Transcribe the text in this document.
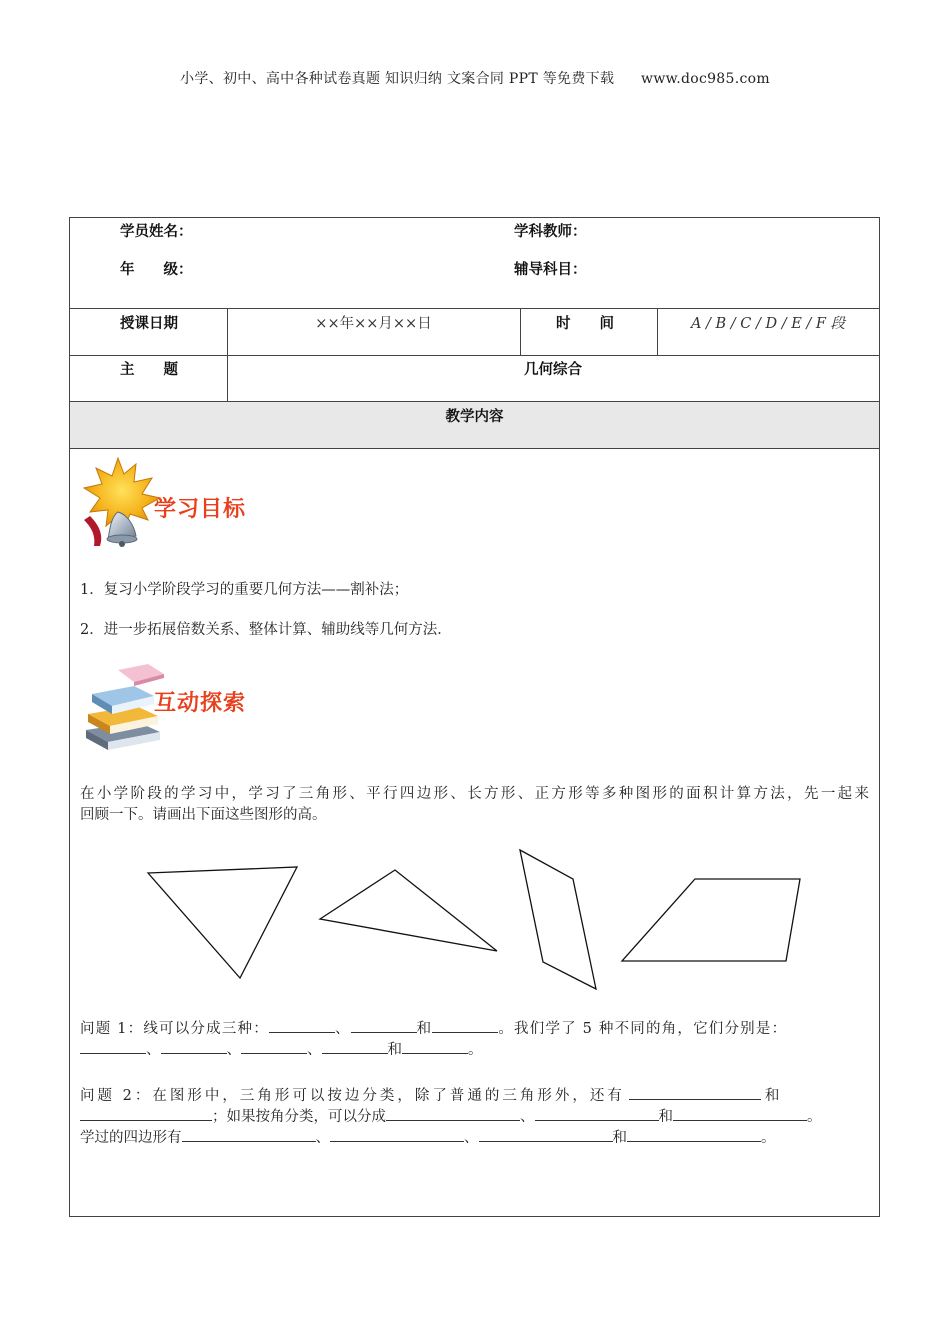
小学、初中、高中各种试卷真题 知识归纳 文案合同 PPT 等免费下载 www.doc985.com
学员姓名：	学科教师：
年　　级：	辅导科目：
授课日期	××年××月××日	时　　间	A / B / C / D / E / F 段
主　　题	几何综合
教学内容
学习目标
1．复习小学阶段学习的重要几何方法——割补法；
2．进一步拓展倍数关系、整体计算、辅助线等几何方法．
互动探索
在小学阶段的学习中，学习了三角形、平行四边形、长方形、正方形等多种图形的面积计算方法，先一起来
回顾一下。请画出下面这些图形的高。
问题 1：线可以分成三种：	、	和	。我们学了 5 种不同的角，它们分别是：
、	、	、	和	。
问题 2：在图形中，三角形可以按边分类，除了普通的三角形外，还有	和
；如果按角分类，可以分成	、	和	。
学过的四边形有	、	、	和	。
